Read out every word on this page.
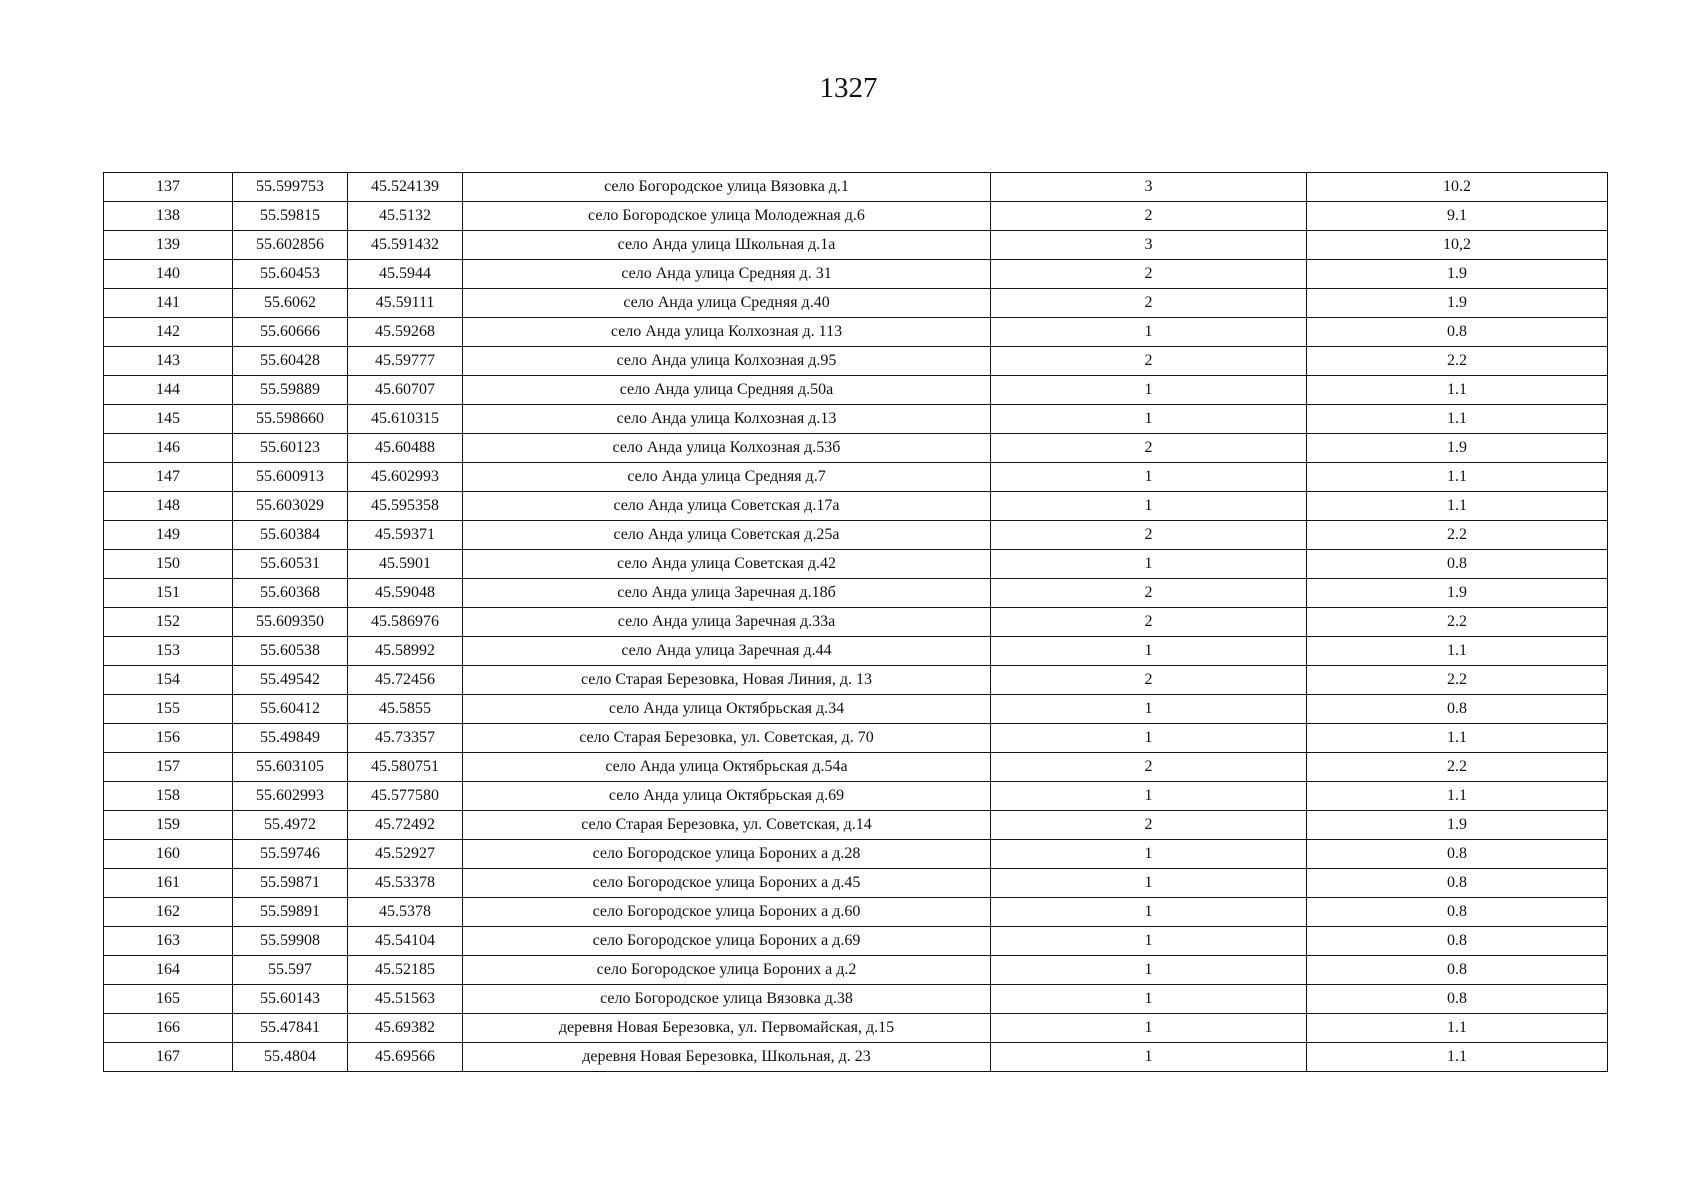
1327
137	55.599753	45.524139	село Богородское улица Вязовка д.1	3	10.2
138	55.59815	45.5132	село Богородское улица Молодежная д.6	2	9.1
139	55.602856	45.591432	село Анда улица Школьная д.1а	3	10,2
140	55.60453	45.5944	село Анда улица Средняя д. 31	2	1.9
141	55.6062	45.59111	село Анда улица Средняя д.40	2	1.9
142	55.60666	45.59268	село Анда улица Колхозная д. 113	1	0.8
143	55.60428	45.59777	село Анда улица Колхозная д.95	2	2.2
144	55.59889	45.60707	село Анда улица Средняя д.50а	1	1.1
145	55.598660	45.610315	село Анда улица Колхозная д.13	1	1.1
146	55.60123	45.60488	село Анда улица Колхозная д.53б	2	1.9
147	55.600913	45.602993	село Анда улица Средняя д.7	1	1.1
148	55.603029	45.595358	село Анда улица Советская д.17а	1	1.1
149	55.60384	45.59371	село Анда улица Советская д.25а	2	2.2
150	55.60531	45.5901	село Анда улица Советская д.42	1	0.8
151	55.60368	45.59048	село Анда улица Заречная д.18б	2	1.9
152	55.609350	45.586976	село Анда улица Заречная д.33а	2	2.2
153	55.60538	45.58992	село Анда улица Заречная д.44	1	1.1
154	55.49542	45.72456	село Старая Березовка, Новая Линия, д. 13	2	2.2
155	55.60412	45.5855	село Анда улица Октябрьская д.34	1	0.8
156	55.49849	45.73357	село Старая Березовка, ул. Советская, д. 70	1	1.1
157	55.603105	45.580751	село Анда улица Октябрьская д.54а	2	2.2
158	55.602993	45.577580	село Анда улица Октябрьская д.69	1	1.1
159	55.4972	45.72492	село Старая Березовка, ул. Советская, д.14	2	1.9
160	55.59746	45.52927	село Богородское улица Бороних а д.28	1	0.8
161	55.59871	45.53378	село Богородское улица Бороних а д.45	1	0.8
162	55.59891	45.5378	село Богородское улица Бороних а д.60	1	0.8
163	55.59908	45.54104	село Богородское улица Бороних а д.69	1	0.8
164	55.597	45.52185	село Богородское улица Бороних а д.2	1	0.8
165	55.60143	45.51563	село Богородское улица Вязовка д.38	1	0.8
166	55.47841	45.69382	деревня Новая Березовка, ул. Первомайская, д.15	1	1.1
167	55.4804	45.69566	деревня Новая Березовка, Школьная, д. 23	1	1.1
